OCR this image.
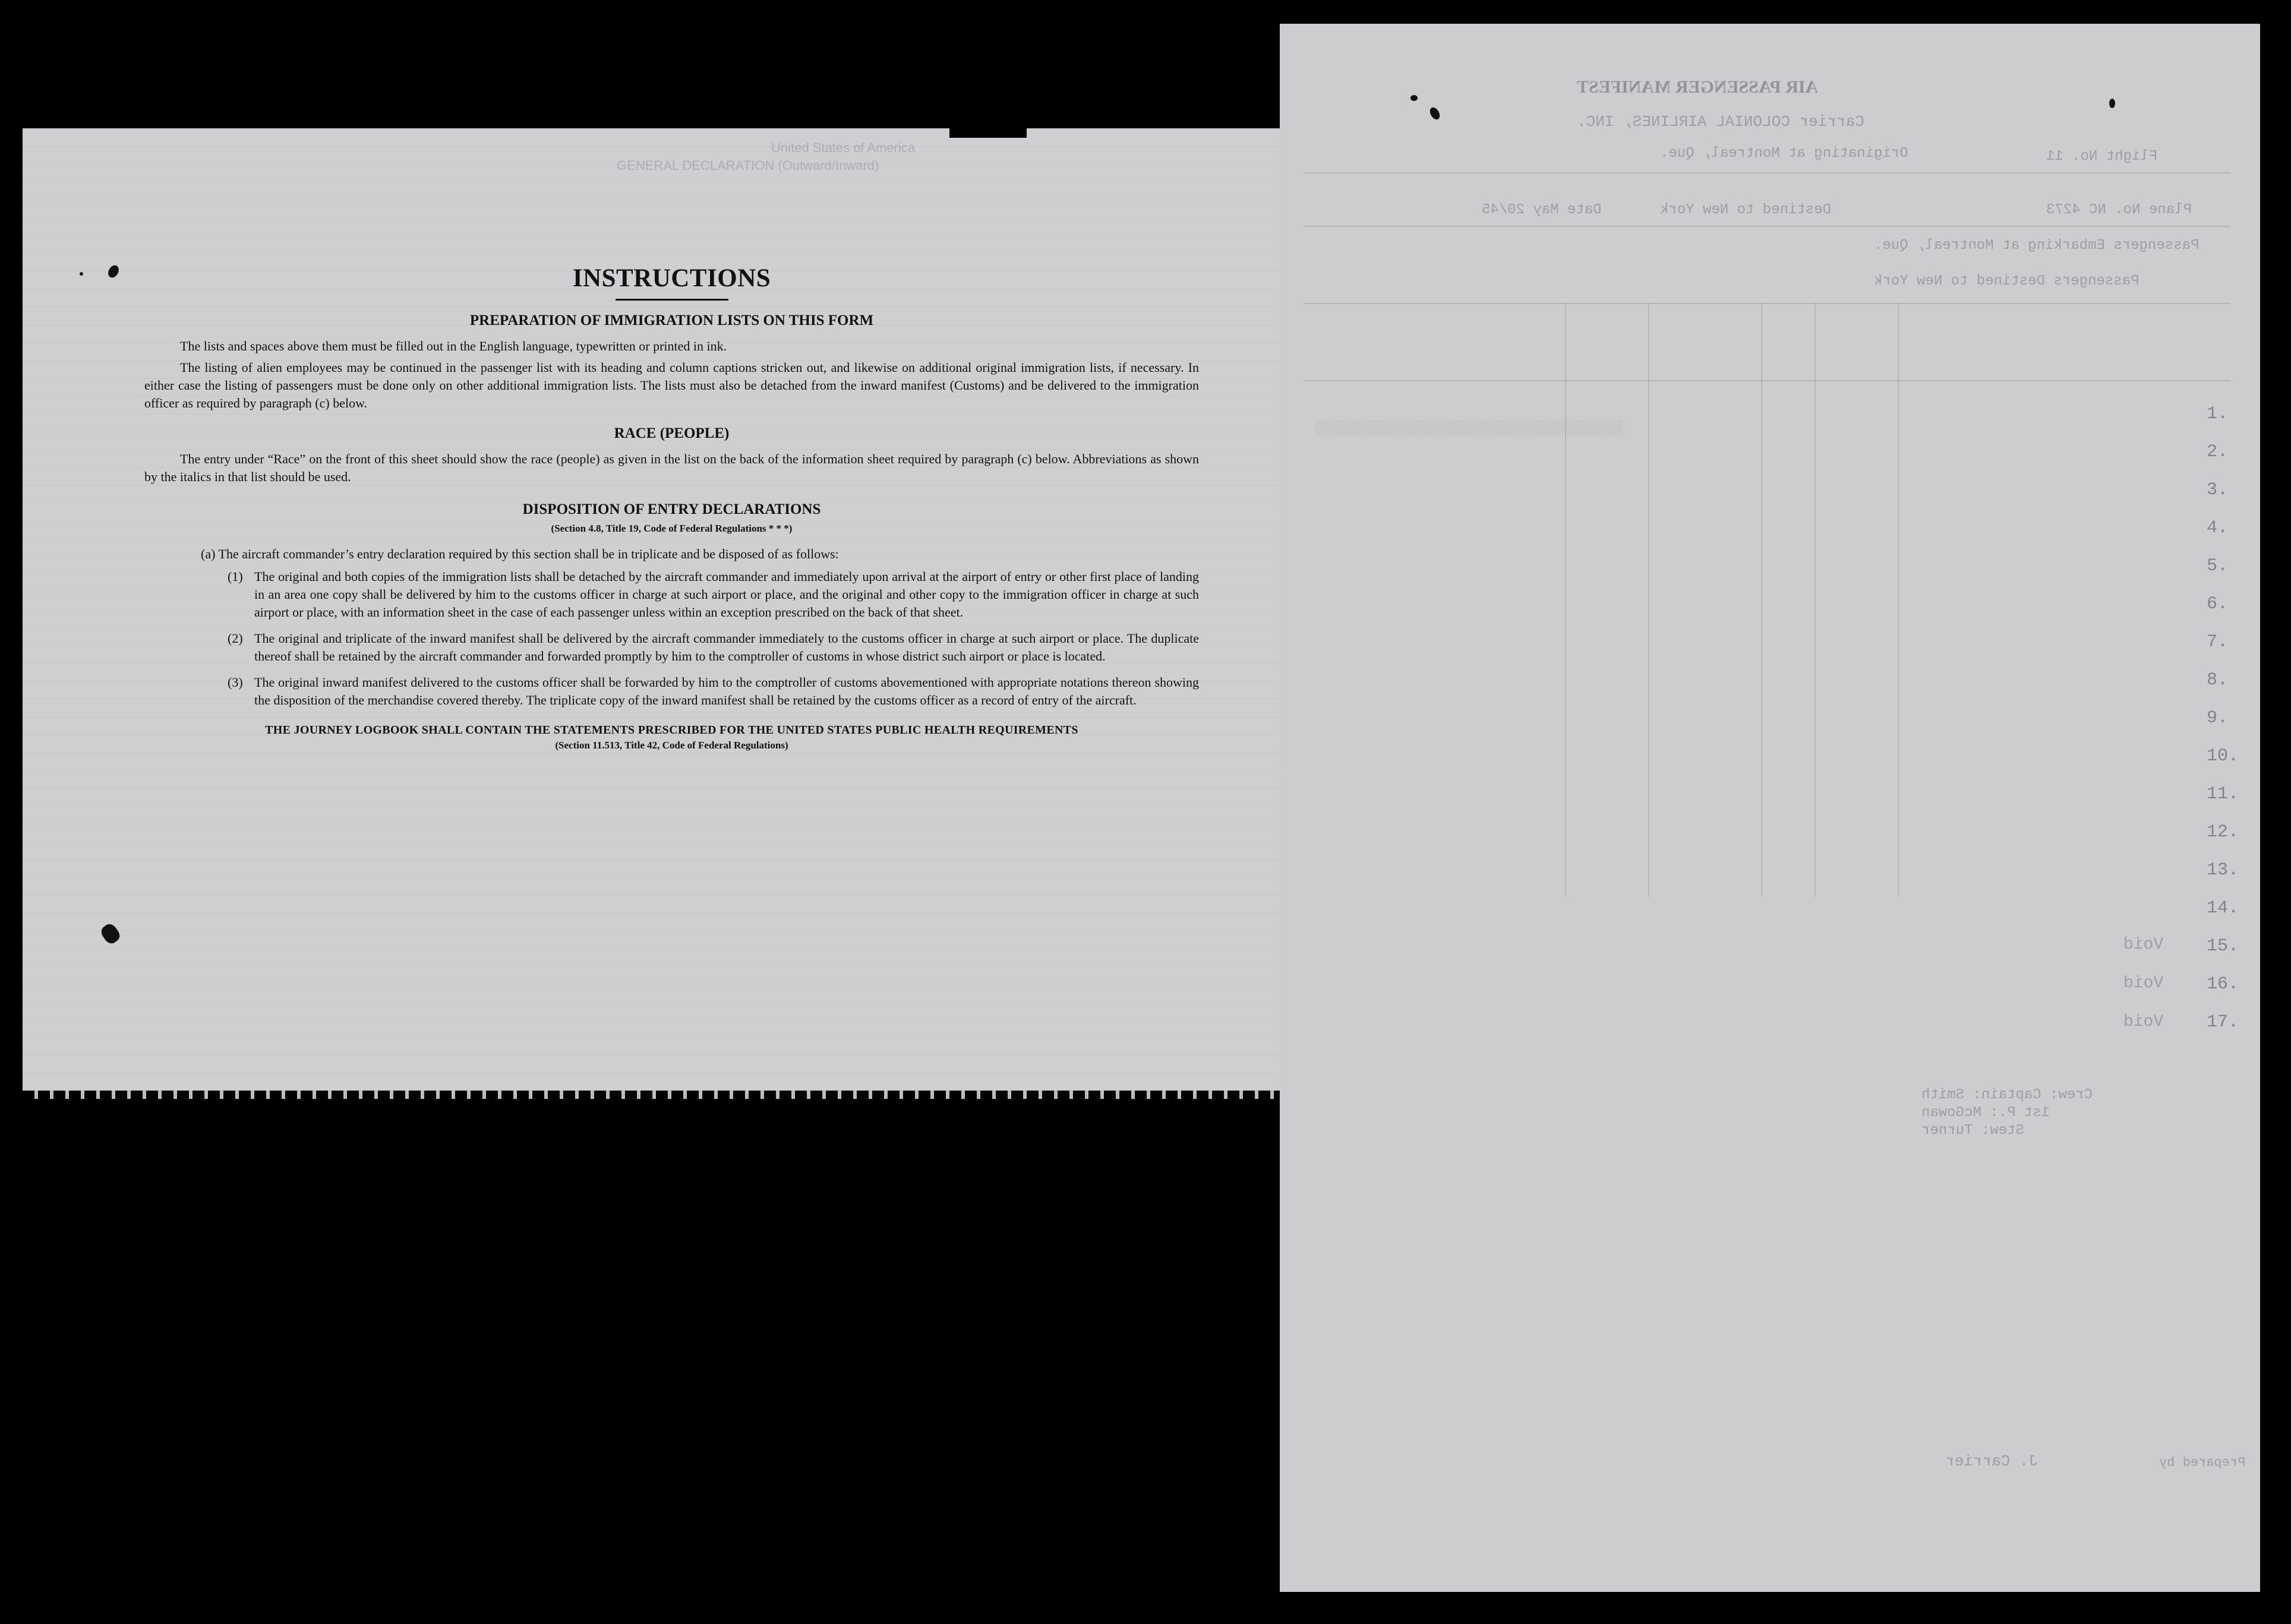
United States of America
GENERAL DECLARATION (Outward/Inward)
INSTRUCTIONS
PREPARATION OF IMMIGRATION LISTS ON THIS FORM

The lists and spaces above them must be filled out in the English language, typewritten or printed in ink.

The listing of alien employees may be continued in the passenger list with its heading and column captions stricken out, and likewise on additional original immigration lists, if necessary. In either case the listing of passengers must be done only on other additional immigration lists. The lists must also be detached from the inward manifest (Customs) and be delivered to the immigration officer as required by paragraph (c) below.

RACE (PEOPLE)

The entry under “Race” on the front of this sheet should show the race (people) as given in the list on the back of the information sheet required by paragraph (c) below. Abbreviations as shown by the italics in that list should be used.

DISPOSITION OF ENTRY DECLARATIONS
(Section 4.8, Title 19, Code of Federal Regulations * * *)

(a) The aircraft commander’s entry declaration required by this section shall be in triplicate and be disposed of as follows:

(1) The original and both copies of the immigration lists shall be detached by the aircraft commander and immediately upon arrival at the airport of entry or other first place of landing in an area one copy shall be delivered by him to the customs officer in charge at such airport or place, and the original and other copy to the immigration officer in charge at such airport or place, with an information sheet in the case of each passenger unless within an exception prescribed on the back of that sheet.
(2) The original and triplicate of the inward manifest shall be delivered by the aircraft commander immediately to the customs officer in charge at such airport or place. The duplicate thereof shall be retained by the aircraft commander and forwarded promptly by him to the comptroller of customs in whose district such airport or place is located.
(3) The original inward manifest delivered to the customs officer shall be forwarded by him to the comptroller of customs abovementioned with appropriate notations thereon showing the disposition of the merchandise covered thereby. The triplicate copy of the inward manifest shall be retained by the customs officer as a record of entry of the aircraft.
THE JOURNEY LOGBOOK SHALL CONTAIN THE STATEMENTS PRESCRIBED FOR THE UNITED STATES PUBLIC HEALTH REQUIREMENTS
(Section 11.513, Title 42, Code of Federal Regulations)
AIR PASSENGER MANIFEST
Carrier COLONIAL AIRLINES, INC.
Originating at Montreal, Que.	Flight No. 11
Plane No. NC 4273
Destined to New York
Date May 20/45
Passengers Embarking at Montreal, Que.
Passengers Destined to New York
░░░░░░░░░░░░░░░░░░░░░░░░░░░░░░░░░░░░
1.
2.
3.
4.
5.
6.
7.
8.
9.
10.
11.
12.
13.
14.
15.
16.
17.
Void
Void
Void
Crew: Captain: Smith
1st P.: McGowan
Stew: Turner
Prepared by
J. Carrier
